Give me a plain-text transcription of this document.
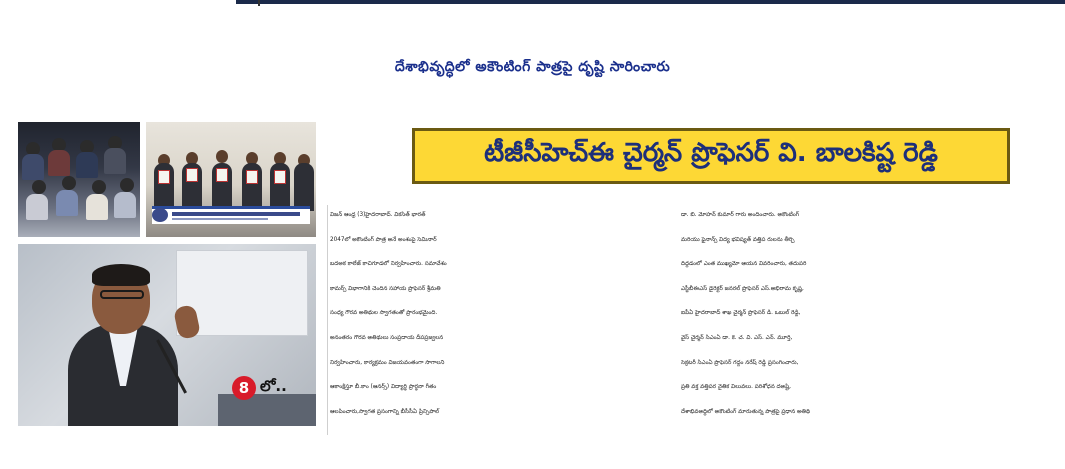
దేశాభివృద్ధిలో అకౌంటింగ్ పాత్రపై దృష్టి సారించారు
టీజీసీహెచ్ఈ చైర్మన్ ప్రొఫెసర్ వి. బాలకిష్ట రెడ్డి
8 లో..
విజన్ ఆంధ్ర (3)హైదరాబాద్. వికసిత్ భారత్
2047లో అకౌంటింగ్ పాత్ర అనే అంశంపై సెమినార్
బదఅక కాలేజ్ కాచిగూడలో నిర్వహించారు. సమావేశం
కామర్స్ విభాగానికి చెందిన సహాయ ప్రొఫెసర్ శ్రీమతి
సంధ్య గౌరవ అతిథుల స్వాగతంతో ప్రారంభమైంది.
అనంతరం గౌరవ అతిథులు సంప్రదాయ దీపప్రజ్వలన
నిర్వహించారు, కార్యక్రమం విజయవంతంగా సాగాలని
ఆకాంక్షిస్తూ బీ.కాం (ఆనర్స్) విద్యార్థి ప్రార్థనా గీతం
ఆలపించారు,స్వాగత ప్రసంగాన్ని బీసీసీఏ ప్రిన్సిపాల్
డా. బి. మోహన్ కుమార్ గారు అందించారు. అకౌంటింగ్
మరియు ఫైనాన్స్ విద్య భవిష్యత్ వత్తిప రులను తీర్చి
దిద్దడంలో ఎంత ముఖ్యమో ఆయన వివరించారు, తదుపరి
ఎస్జీబీఈఎస్ డైరెక్టర్ జనరల్ ప్రొఫెసర్ ఎస్.అభిరామ కృష్ణ,
ఐపీఏ హైదరాబాద్ శాఖ చైర్మన్ ప్రొఫెసర్ డి. ఒబుల్ రెడ్డి,
వైస్ చైర్మన్ సిఎంఏ డా. కె. చ. వి. ఎస్. ఎన్. మూర్తి,
సెక్రటరీ సిఎంఏ ప్రొఫెసర్ గద్దం నరేష్ రెడ్డి ప్రసంగించారు,
ప్రతి వక్త వత్తిపర నైతిక విలువలు. పరిశోధన దఅష్టి,
దేశాభివఅద్ధిలో అకౌంటింగ్ మారుతున్న పాత్రపై ప్రధాన అతిథి
